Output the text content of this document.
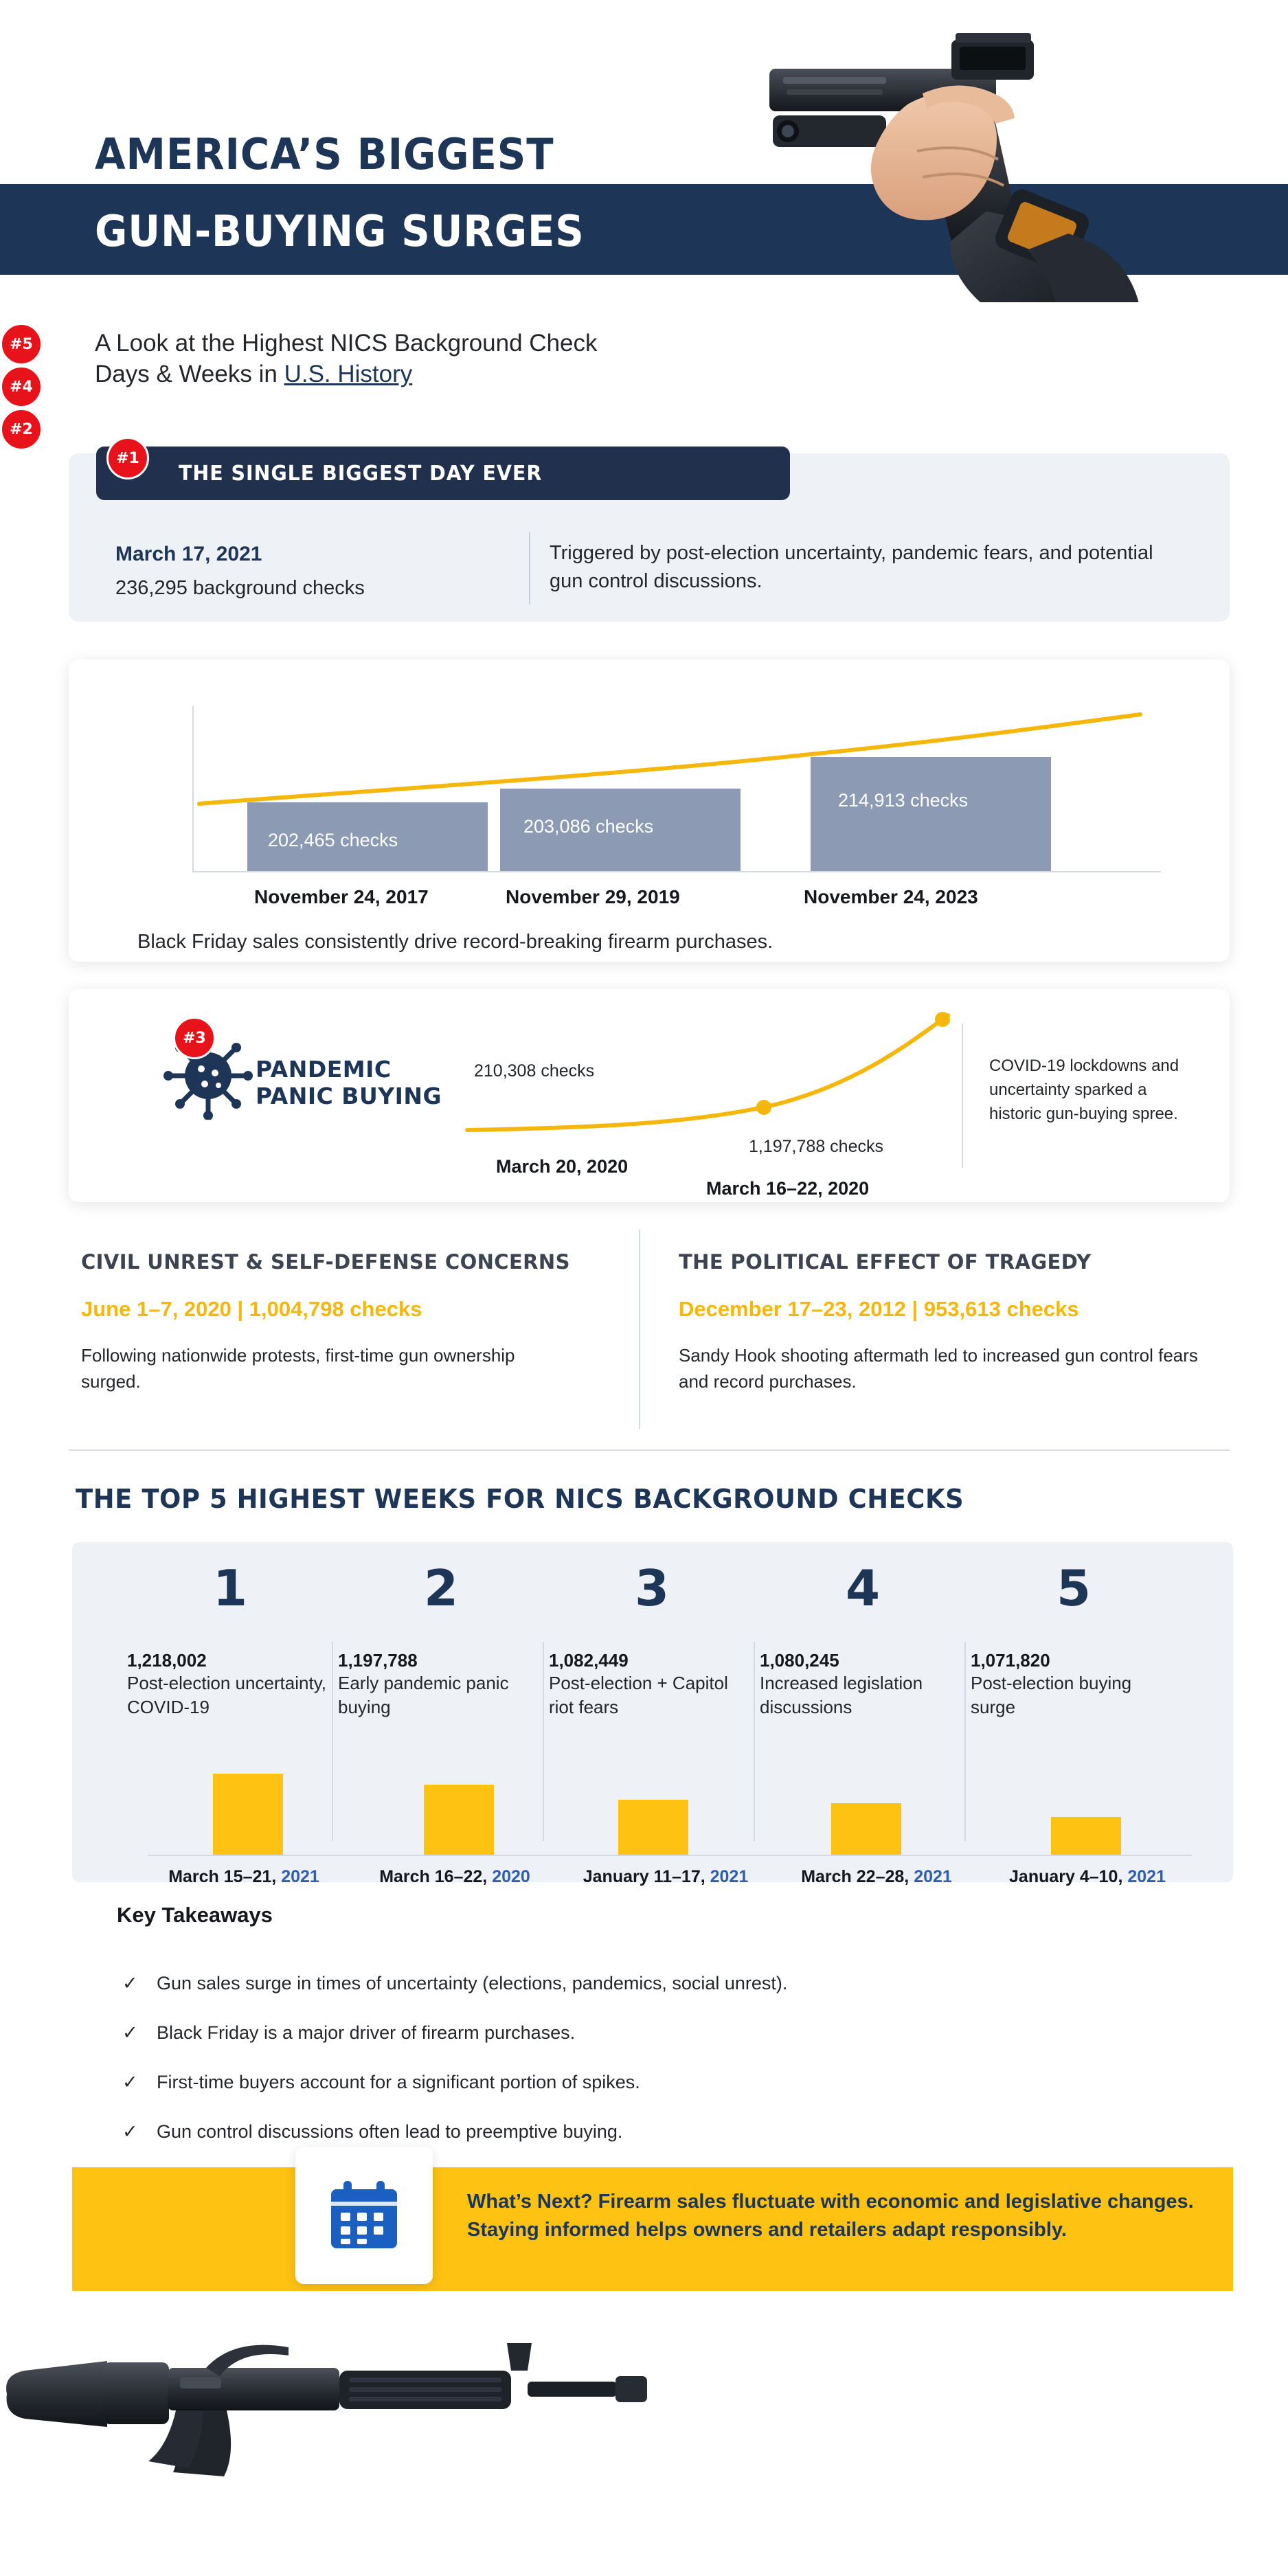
AMERICA’S BIGGEST
GUN-BUYING SURGES
A Look at the Highest NICS Background Check
Days & Weeks in U.S. History
THE SINGLE BIGGEST DAY EVER
#1
March 17, 2021
236,295 background checks
Triggered by post-election uncertainty, pandemic fears, and potential gun control discussions.
202,465 checks
#5
203,086 checks
#4
214,913 checks
#2
November 24, 2017	November 29, 2019	November 24, 2023
Black Friday sales consistently drive record-breaking firearm purchases.
#3
PANDEMIC
PANIC BUYING
210,308 checks
1,197,788 checks
March 20, 2020
March 16–22, 2020
COVID-19 lockdowns and uncertainty sparked a historic gun-buying spree.
CIVIL UNREST & SELF-DEFENSE CONCERNS
June 1–7, 2020 | 1,004,798 checks
Following nationwide protests, first-time gun ownership surged.
THE POLITICAL EFFECT OF TRAGEDY
December 17–23, 2012 | 953,613 checks
Sandy Hook shooting aftermath led to increased gun control fears and record purchases.
THE TOP 5 HIGHEST WEEKS FOR NICS BACKGROUND CHECKS
1
1,218,002
Post-election uncertainty, COVID-19
March 15–21, 2021
2
1,197,788
Early pandemic panic buying
March 16–22, 2020
3
1,082,449
Post-election + Capitol riot fears
January 11–17, 2021
4
1,080,245
Increased legislation discussions
March 22–28, 2021
5
1,071,820
Post-election buying surge
January 4–10, 2021
Key Takeaways
✓ Gun sales surge in times of uncertainty (elections, pandemics, social unrest).
✓ Black Friday is a major driver of firearm purchases.
✓ First-time buyers account for a significant portion of spikes.
✓ Gun control discussions often lead to preemptive buying.
What’s Next? Firearm sales fluctuate with economic and legislative changes. Staying informed helps owners and retailers adapt responsibly.
